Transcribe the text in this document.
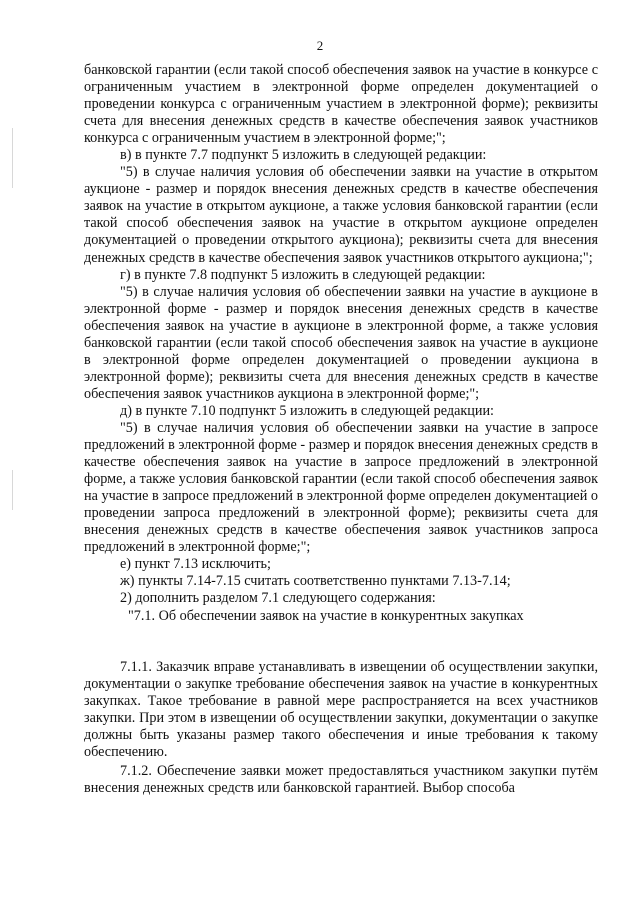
2

банковской гарантии (если такой способ обеспечения заявок на участие в конкурсе с ограниченным участием в электронной форме определен документацией о проведении конкурса с ограниченным участием в электронной форме); реквизиты счета для внесения денежных средств в качестве обеспечения заявок участников конкурса с ограниченным участием в электронной форме;";

в) в пункте 7.7 подпункт 5 изложить в следующей редакции:

"5) в случае наличия условия об обеспечении заявки на участие в открытом аукционе - размер и порядок внесения денежных средств в качестве обеспечения заявок на участие в открытом аукционе, а также условия банковской гарантии (если такой способ обеспечения заявок на участие в открытом аукционе определен документацией о проведении открытого аукциона); реквизиты счета для внесения денежных средств в качестве обеспечения заявок участников открытого аукциона;";

г) в пункте 7.8 подпункт 5 изложить в следующей редакции:

"5) в случае наличия условия об обеспечении заявки на участие в аукционе в электронной форме - размер и порядок внесения денежных средств в качестве обеспечения заявок на участие в аукционе в электронной форме, а также условия банковской гарантии (если такой способ обеспечения заявок на участие в аукционе в электронной форме определен документацией о проведении аукциона в электронной форме); реквизиты счета для внесения денежных средств в качестве обеспечения заявок участников аукциона в электронной форме;";

д) в пункте 7.10 подпункт 5 изложить в следующей редакции:

"5) в случае наличия условия об обеспечении заявки на участие в запросе предложений в электронной форме - размер и порядок внесения денежных средств в качестве обеспечения заявок на участие в запросе предложений в электронной форме, а также условия банковской гарантии (если такой способ обеспечения заявок на участие в запросе предложений в электронной форме определен документацией о проведении запроса предложений в электронной форме); реквизиты счета для внесения денежных средств в качестве обеспечения заявок участников запроса предложений в электронной форме;";

е) пункт 7.13 исключить;

ж) пункты 7.14-7.15 считать соответственно пунктами 7.13-7.14;

2) дополнить разделом 7.1 следующего содержания:

"7.1. Об обеспечении заявок на участие в конкурентных закупках

7.1.1. Заказчик вправе устанавливать в извещении об осуществлении закупки, документации о закупке требование обеспечения заявок на участие в конкурентных закупках. Такое требование в равной мере распространяется на всех участников закупки. При этом в извещении об осуществлении закупки, документации о закупке должны быть указаны размер такого обеспечения и иные требования к такому обеспечению.

7.1.2. Обеспечение заявки может предоставляться участником закупки путём внесения денежных средств или банковской гарантией. Выбор способа
